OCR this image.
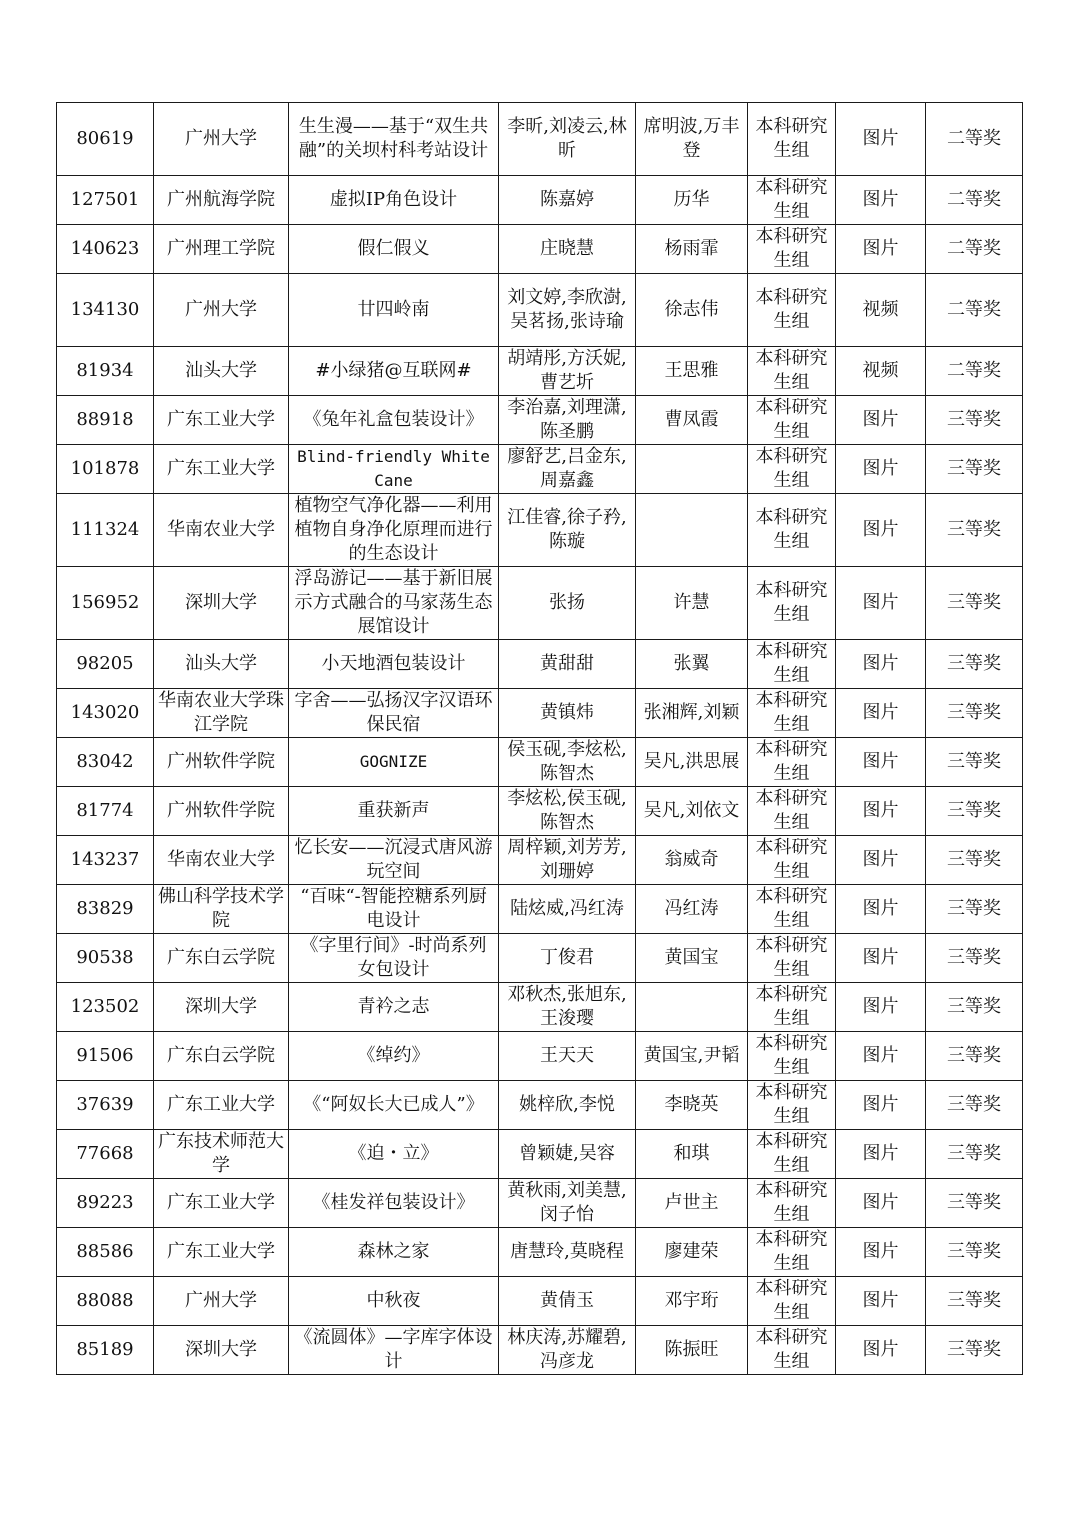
80619	广州大学	生生漫——基于“双生共融”的关坝村科考站设计	李昕,刘凌云,林昕	席明波,万丰登	本科研究生组	图片	二等奖
127501	广州航海学院	虚拟IP角色设计	陈嘉婷	历华	本科研究生组	图片	二等奖
140623	广州理工学院	假仁假义	庄晓慧	杨雨霏	本科研究生组	图片	二等奖
134130	广州大学	廿四岭南	刘文婷,李欣澍,吴茗扬,张诗瑜	徐志伟	本科研究生组	视频	二等奖
81934	汕头大学	#小绿猪@互联网#	胡靖彤,方沃妮,曹艺圻	王思雅	本科研究生组	视频	二等奖
88918	广东工业大学	《兔年礼盒包装设计》	李治嘉,刘理潇,陈圣鹏	曹凤霞	本科研究生组	图片	三等奖
101878	广东工业大学	Blind-friendly White Cane	廖舒艺,吕金东,周嘉鑫		本科研究生组	图片	三等奖
111324	华南农业大学	植物空气净化器——利用植物自身净化原理而进行的生态设计	江佳睿,徐子矜,陈璇		本科研究生组	图片	三等奖
156952	深圳大学	浮岛游记——基于新旧展示方式融合的马家荡生态展馆设计	张扬	许慧	本科研究生组	图片	三等奖
98205	汕头大学	小天地酒包装设计	黄甜甜	张翼	本科研究生组	图片	三等奖
143020	华南农业大学珠江学院	字舍——弘扬汉字汉语环保民宿	黄镇炜	张湘辉,刘颖	本科研究生组	图片	三等奖
83042	广州软件学院	GOGNIZE	侯玉砚,李炫松,陈智杰	吴凡,洪思展	本科研究生组	图片	三等奖
81774	广州软件学院	重获新声	李炫松,侯玉砚,陈智杰	吴凡,刘依文	本科研究生组	图片	三等奖
143237	华南农业大学	忆长安——沉浸式唐风游玩空间	周梓颖,刘芳芳,刘珊婷	翁威奇	本科研究生组	图片	三等奖
83829	佛山科学技术学院	“百味“-智能控糖系列厨电设计	陆炫威,冯红涛	冯红涛	本科研究生组	图片	三等奖
90538	广东白云学院	《字里行间》-时尚系列女包设计	丁俊君	黄国宝	本科研究生组	图片	三等奖
123502	深圳大学	青衿之志	邓秋杰,张旭东,王浚璎		本科研究生组	图片	三等奖
91506	广东白云学院	《绰约》	王天天	黄国宝,尹韬	本科研究生组	图片	三等奖
37639	广东工业大学	《“阿奴长大已成人”》	姚梓欣,李悦	李晓英	本科研究生组	图片	三等奖
77668	广东技术师范大学	《迫・立》	曾颖婕,吴容	和琪	本科研究生组	图片	三等奖
89223	广东工业大学	《桂发祥包装设计》	黄秋雨,刘美慧,闵子怡	卢世主	本科研究生组	图片	三等奖
88586	广东工业大学	森林之家	唐慧玲,莫晓程	廖建荣	本科研究生组	图片	三等奖
88088	广州大学	中秋夜	黄倩玉	邓宇珩	本科研究生组	图片	三等奖
85189	深圳大学	《流圆体》—字库字体设计	林庆涛,苏耀碧,冯彦龙	陈振旺	本科研究生组	图片	三等奖
